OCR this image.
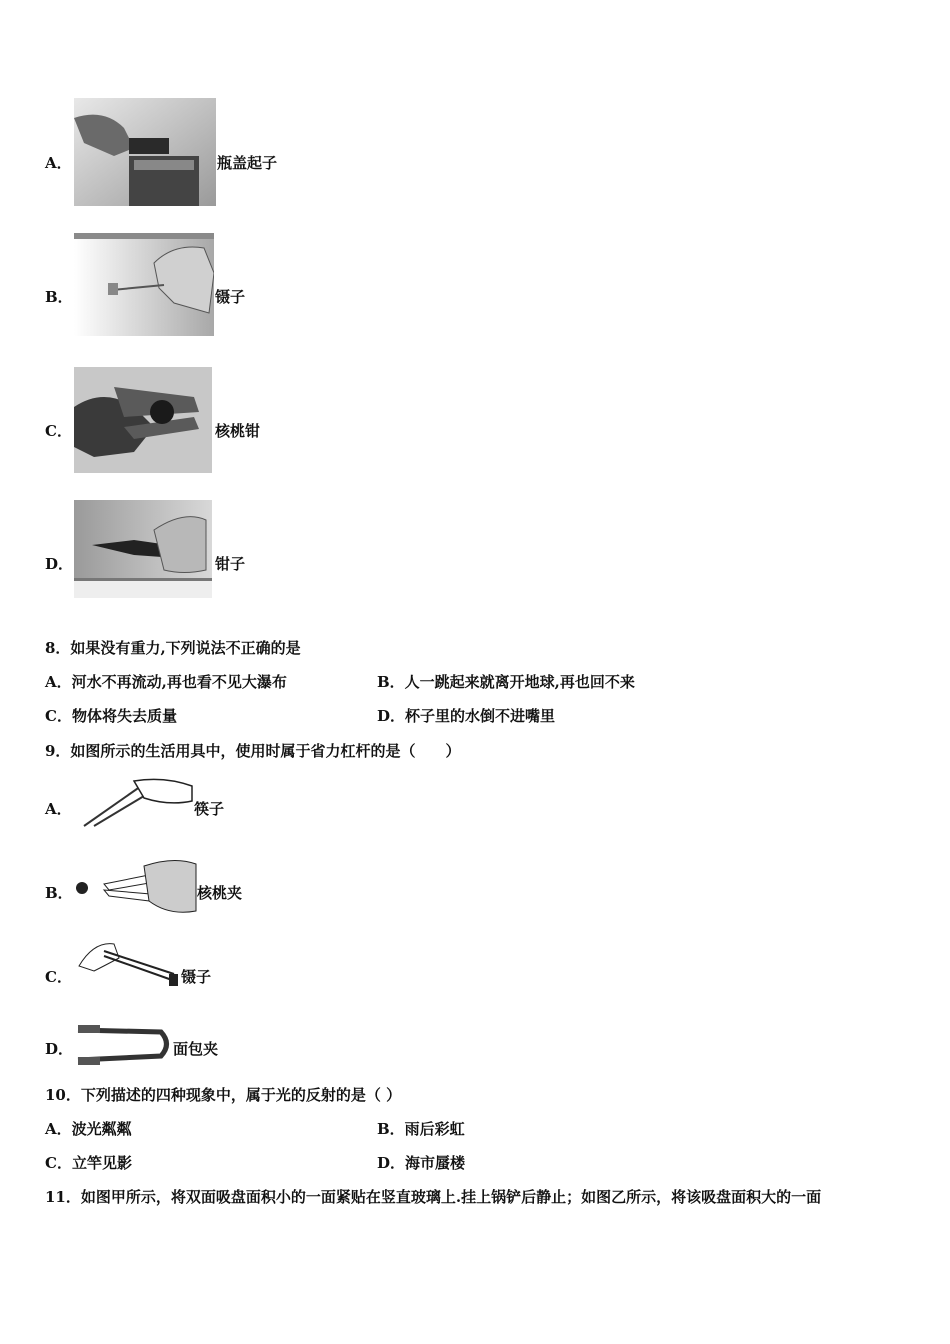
A．	瓶盖起子
B．	镊子
C．	核桃钳
D．	钳子
8．如果没有重力,下列说法不正确的是
A．河水不再流动,再也看不见大瀑布	B．人一跳起来就离开地球,再也回不来
C．物体将失去质量	D．杯子里的水倒不进嘴里
9．如图所示的生活用具中，使用时属于省力杠杆的是（　　）
A．	筷子
B．	核桃夹
C．	镊子
D．	面包夹
10．下列描述的四种现象中，属于光的反射的是（ ）
A．波光粼粼	B．雨后彩虹
C．立竿见影	D．海市蜃楼
11．如图甲所示，将双面吸盘面积小的一面紧贴在竖直玻璃上.挂上锅铲后静止；如图乙所示，将该吸盘面积大的一面
